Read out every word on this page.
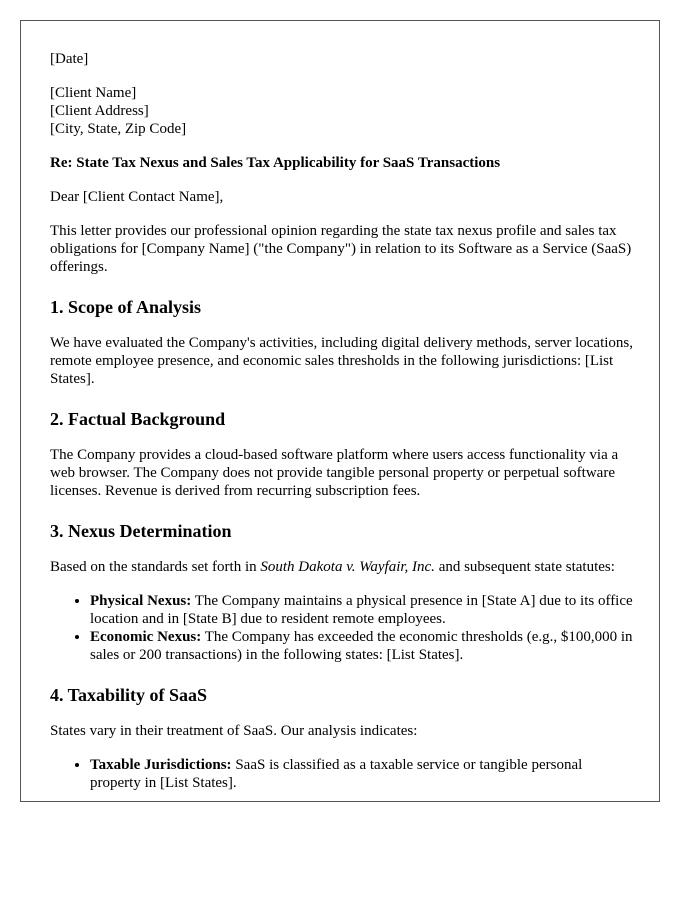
[Date]

[Client Name]

[Client Address]

[City, State, Zip Code]

Re: State Tax Nexus and Sales Tax Applicability for SaaS Transactions

Dear [Client Contact Name],

This letter provides our professional opinion regarding the state tax nexus profile and sales tax obligations for [Company Name] ("the Company") in relation to its Software as a Service (SaaS) offerings.

1. Scope of Analysis

We have evaluated the Company's activities, including digital delivery methods, server locations, remote employee presence, and economic sales thresholds in the following jurisdictions: [List States].

2. Factual Background

The Company provides a cloud-based software platform where users access functionality via a web browser. The Company does not provide tangible personal property or perpetual software licenses. Revenue is derived from recurring subscription fees.

3. Nexus Determination

Based on the standards set forth in South Dakota v. Wayfair, Inc. and subsequent state statutes:

• Physical Nexus: The Company maintains a physical presence in [State A] due to its office location and in [State B] due to resident remote employees.
• Economic Nexus: The Company has exceeded the economic thresholds (e.g., $100,000 in sales or 200 transactions) in the following states: [List States].
4. Taxability of SaaS

States vary in their treatment of SaaS. Our analysis indicates:

• Taxable Jurisdictions: SaaS is classified as a taxable service or tangible personal property in [List States].
